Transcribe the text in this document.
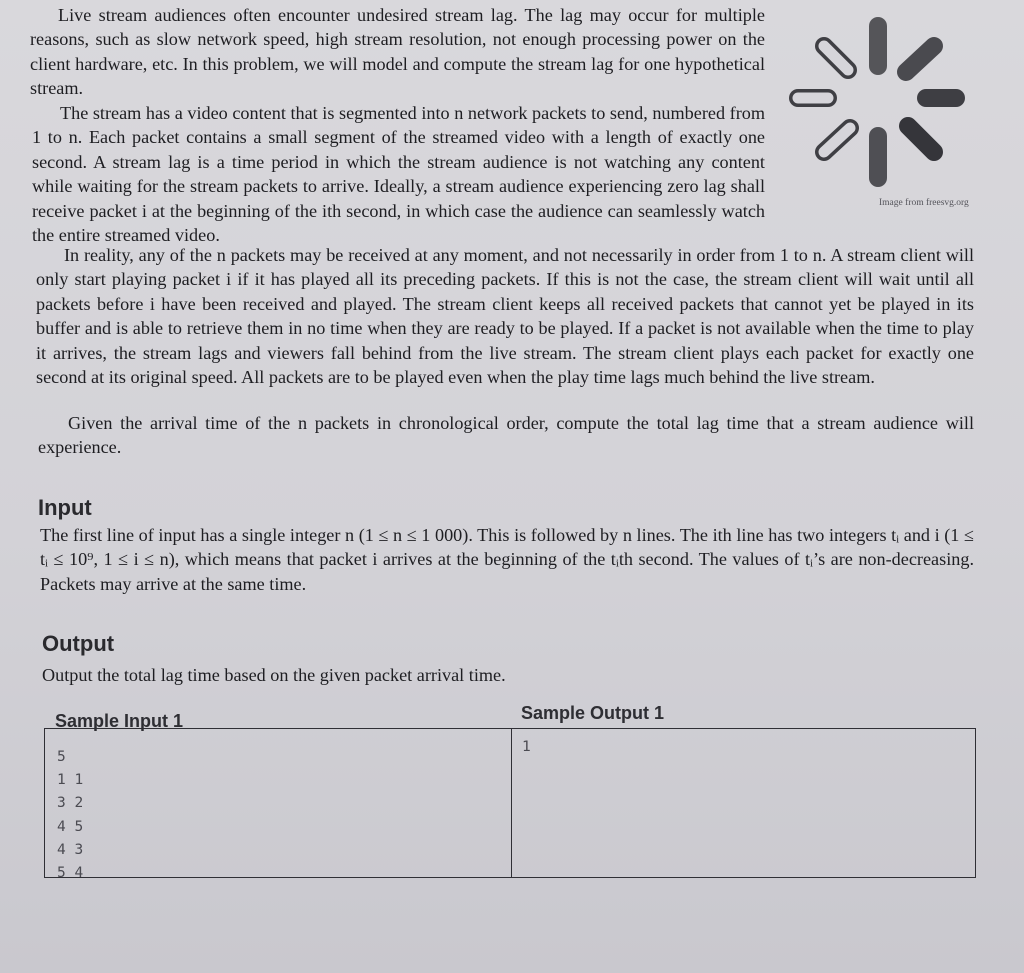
Live stream audiences often encounter undesired stream lag. The lag may occur for multiple reasons, such as slow network speed, high stream resolution, not enough processing power on the client hardware, etc. In this problem, we will model and compute the stream lag for one hypothetical stream.

The stream has a video content that is segmented into n network packets to send, numbered from 1 to n. Each packet contains a small segment of the streamed video with a length of exactly one second. A stream lag is a time period in which the stream audience is not watching any content while waiting for the stream packets to arrive. Ideally, a stream audience experiencing zero lag shall receive packet i at the beginning of the ith second, in which case the audience can seamlessly watch the entire streamed video.

In reality, any of the n packets may be received at any moment, and not necessarily in order from 1 to n. A stream client will only start playing packet i if it has played all its preceding packets. If this is not the case, the stream client will wait until all packets before i have been received and played. The stream client keeps all received packets that cannot yet be played in its buffer and is able to retrieve them in no time when they are ready to be played. If a packet is not available when the time to play it arrives, the stream lags and viewers fall behind from the live stream. The stream client plays each packet for exactly one second at its original speed. All packets are to be played even when the play time lags much behind the live stream.

Given the arrival time of the n packets in chronological order, compute the total lag time that a stream audience will experience.

Image from freesvg.org
Input

The first line of input has a single integer n (1 ≤ n ≤ 1 000). This is followed by n lines. The ith line has two integers tᵢ and i (1 ≤ tᵢ ≤ 10⁹, 1 ≤ i ≤ n), which means that packet i arrives at the beginning of the tᵢth second. The values of tᵢ’s are non-decreasing. Packets may arrive at the same time.

Output

Output the total lag time based on the given packet arrival time.

Sample Input 1	Sample Output 1
5
1 1
3 2
4 5
4 3
5 4
1
